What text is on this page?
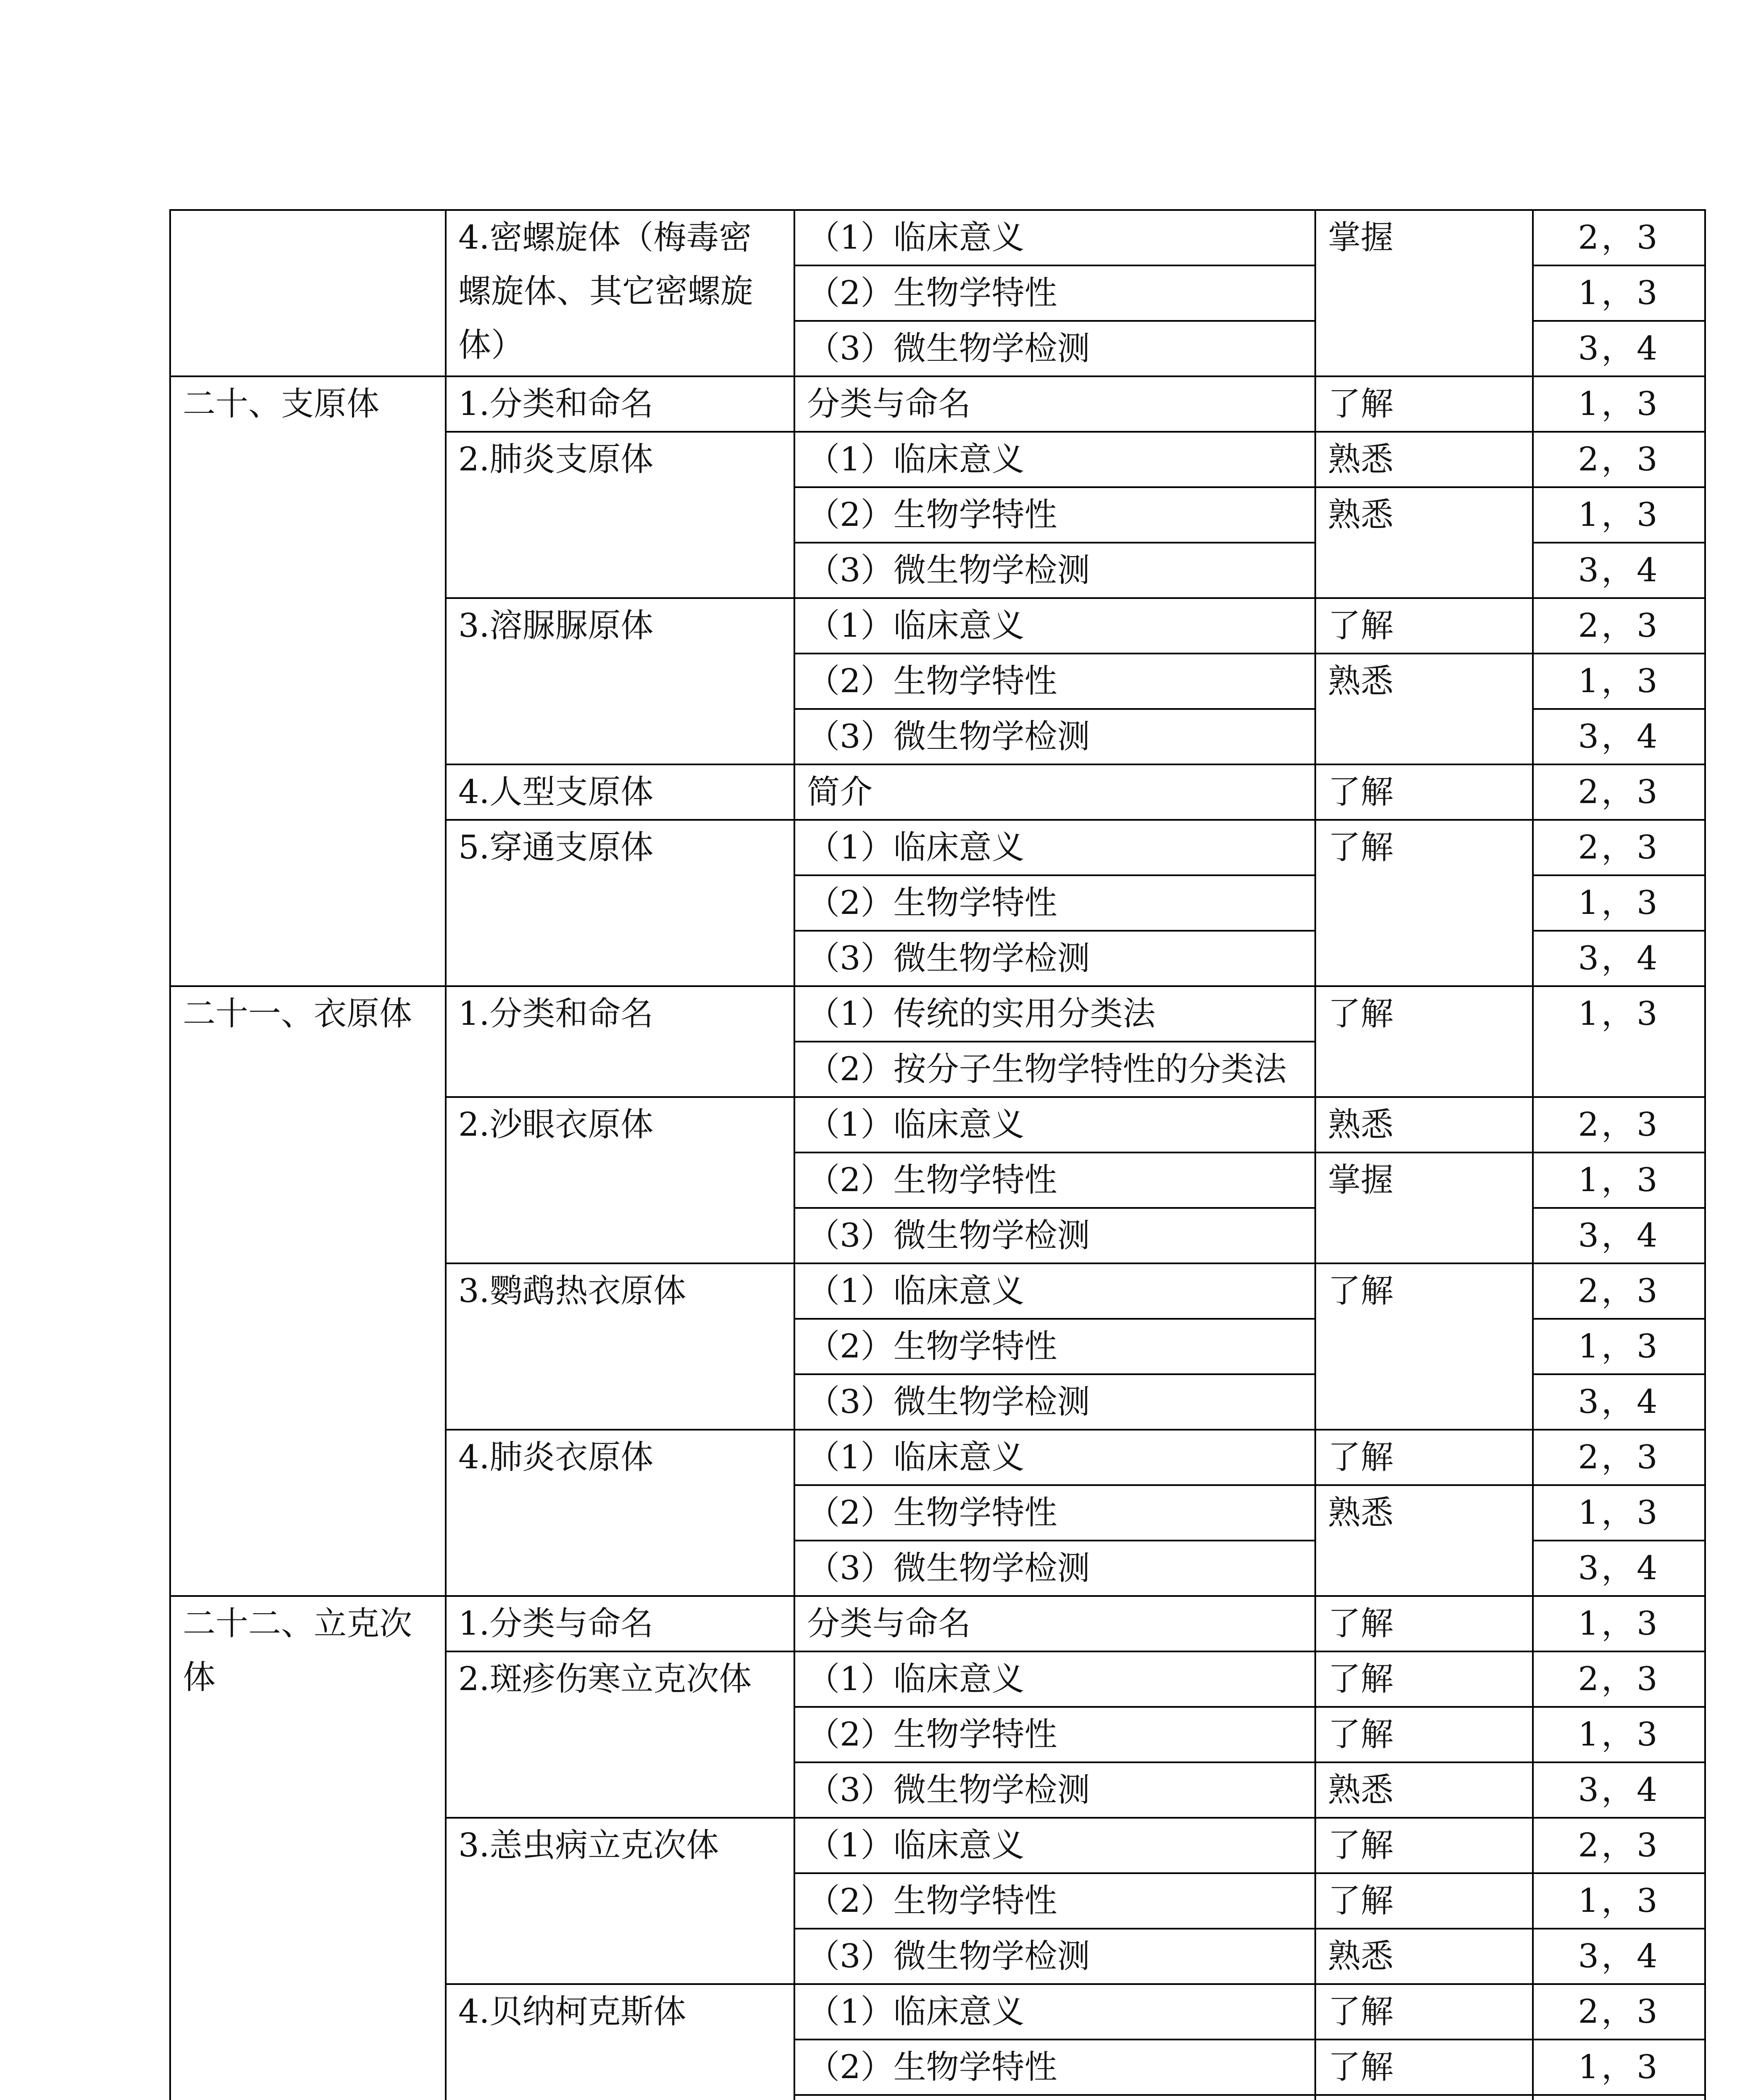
	4.密螺旋体（梅毒密螺旋体、其它密螺旋体）	（1）临床意义	掌握	2，3
		（2）生物学特性		1，3
		（3）微生物学检测		3，4
二十、支原体	1.分类和命名	分类与命名	了解	1，3
	2.肺炎支原体	（1）临床意义	熟悉	2，3
		（2）生物学特性	熟悉	1，3
		（3）微生物学检测		3，4
	3.溶脲脲原体	（1）临床意义	了解	2，3
		（2）生物学特性	熟悉	1，3
		（3）微生物学检测		3，4
	4.人型支原体	简介	了解	2，3
	5.穿通支原体	（1）临床意义	了解	2，3
		（2）生物学特性		1，3
		（3）微生物学检测		3，4
二十一、衣原体	1.分类和命名	（1）传统的实用分类法	了解	1，3
		（2）按分子生物学特性的分类法		
	2.沙眼衣原体	（1）临床意义	熟悉	2，3
		（2）生物学特性	掌握	1，3
		（3）微生物学检测		3，4
	3.鹦鹉热衣原体	（1）临床意义	了解	2，3
		（2）生物学特性		1，3
		（3）微生物学检测		3，4
	4.肺炎衣原体	（1）临床意义	了解	2，3
		（2）生物学特性	熟悉	1，3
		（3）微生物学检测		3，4
二十二、立克次体	1.分类与命名	分类与命名	了解	1，3
	2.斑疹伤寒立克次体	（1）临床意义	了解	2，3
		（2）生物学特性	了解	1，3
		（3）微生物学检测	熟悉	3，4
	3.恙虫病立克次体	（1）临床意义	了解	2，3
		（2）生物学特性	了解	1，3
		（3）微生物学检测	熟悉	3，4
	4.贝纳柯克斯体	（1）临床意义	了解	2，3
		（2）生物学特性	了解	1，3
